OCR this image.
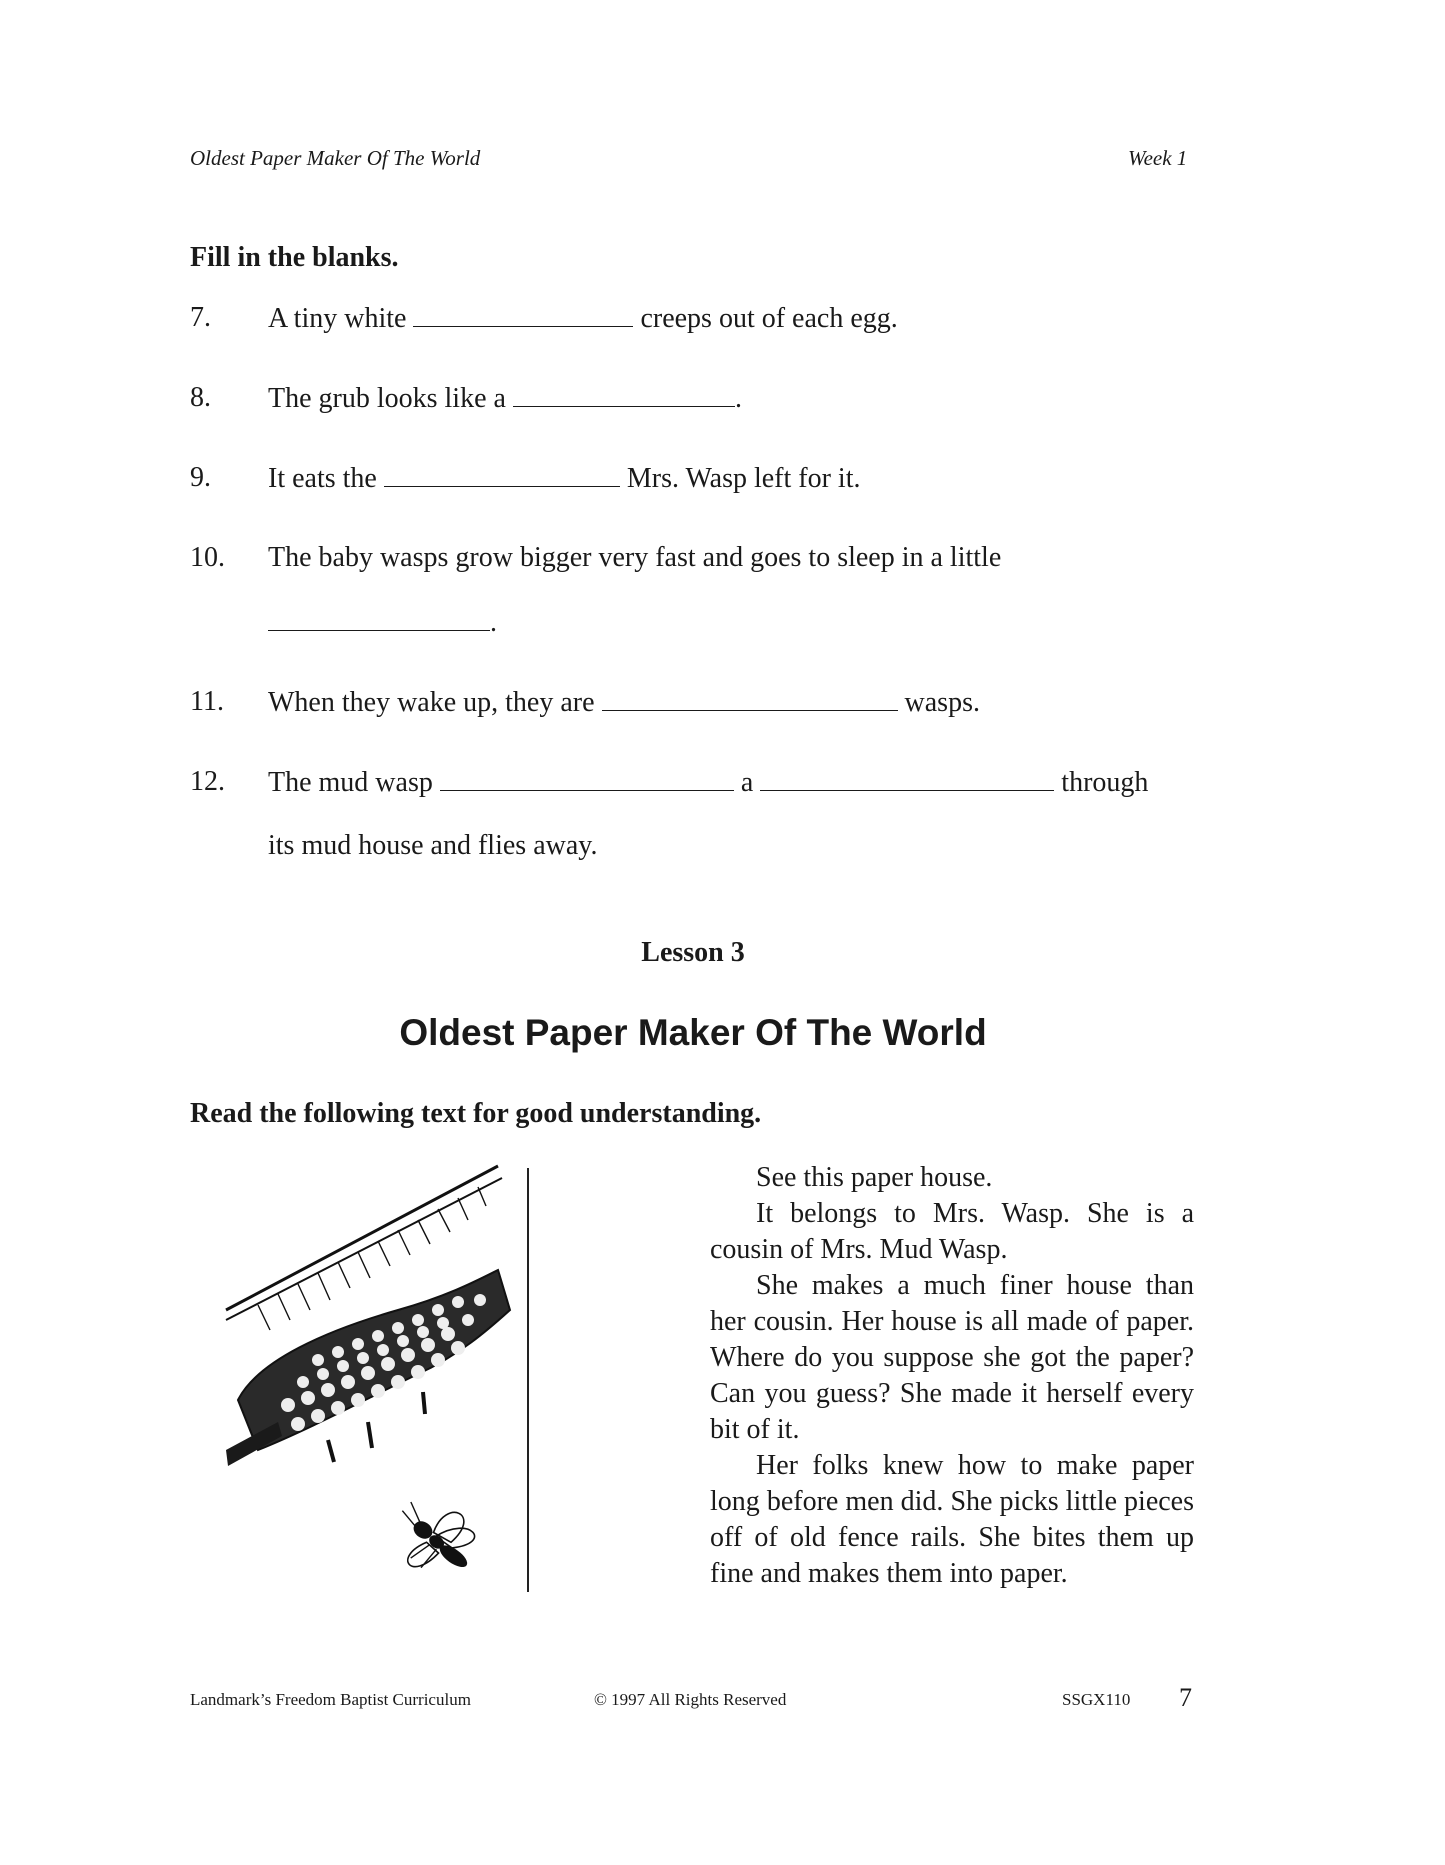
Oldest Paper Maker Of The World	Week 1
Fill in the blanks.
7. A tiny white	creeps out of each egg.
8. The grub looks like a	.
9. It eats the	Mrs. Wasp left for it.
10. The baby wasps grow bigger very fast and goes to sleep in a little
.
11. When they wake up, they are	wasps.
12. The mud wasp	a	through
its mud house and flies away.
Lesson 3
Oldest Paper Maker Of The World
Read the following text for good understanding.

See this paper house.

It belongs to Mrs. Wasp. She is a cousin of Mrs. Mud Wasp.

She makes a much finer house than her cousin. Her house is all made of paper. Where do you suppose she got the paper? Can you guess? She made it herself every bit of it.

Her folks knew how to make paper long before men did. She picks little pieces off of old fence rails. She bites them up fine and makes them into paper.

Landmark’s Freedom Baptist Curriculum	© 1997 All Rights Reserved	SSGX110 7
